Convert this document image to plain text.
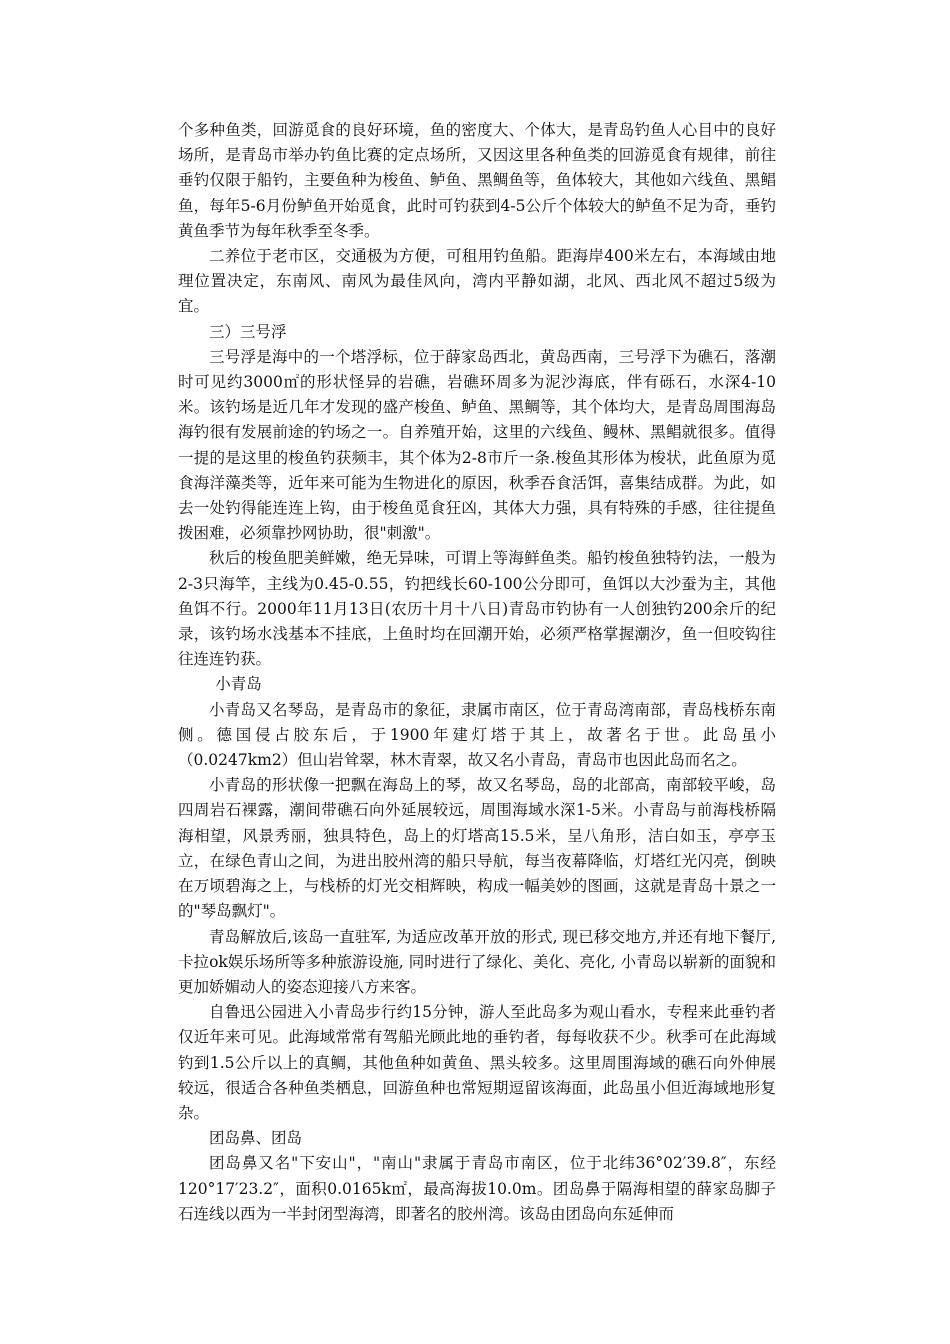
个多种鱼类，回游觅食的良好环境，鱼的密度大、个体大，是青岛钓鱼人心目中的良好场所，是青岛市举办钓鱼比赛的定点场所，又因这里各种鱼类的回游觅食有规律，前往垂钓仅限于船钓，主要鱼种为梭鱼、鲈鱼、黑鲷鱼等，鱼体较大，其他如六线鱼、黑鲳鱼，每年5-6月份鲈鱼开始觅食，此时可钓获到4-5公斤个体较大的鲈鱼不足为奇，垂钓黄鱼季节为每年秋季至冬季。

二养位于老市区，交通极为方便，可租用钓鱼船。距海岸400米左右，本海域由地理位置决定，东南风、南风为最佳风向，湾内平静如湖，北风、西北风不超过5级为宜。

三）三号浮

三号浮是海中的一个塔浮标，位于薛家岛西北，黄岛西南，三号浮下为礁石，落潮时可见约3000㎡的形状怪异的岩礁，岩礁环周多为泥沙海底，伴有砾石，水深4-10米。该钓场是近几年才发现的盛产梭鱼、鲈鱼、黑鲷等，其个体均大，是青岛周围海岛海钓很有发展前途的钓场之一。自养殖开始，这里的六线鱼、鳗林、黑鲳就很多。值得一提的是这里的梭鱼钓获频丰，其个体为2-8市斤一条.梭鱼其形体为梭状，此鱼原为觅食海洋藻类等，近年来可能为生物进化的原因，秋季吞食活饵，喜集结成群。为此，如去一处钓得能连连上钩，由于梭鱼觅食狂凶，其体大力强，具有特殊的手感，往往提鱼拨困难，必须靠抄网协助，很"刺激"。

秋后的梭鱼肥美鲜嫩，绝无异味，可谓上等海鲜鱼类。船钓梭鱼独特钓法，一般为2-3只海竿，主线为0.45-0.55，钓把线长60-100公分即可，鱼饵以大沙蚕为主，其他鱼饵不行。2000年11月13日(农历十月十八日)青岛市钓协有一人创独钓200余斤的纪录，该钓场水浅基本不挂底，上鱼时均在回潮开始，必须严格掌握潮汐，鱼一但咬钩往往连连钓获。

小青岛

小青岛又名琴岛，是青岛市的象征，隶属市南区，位于青岛湾南部，青岛栈桥东南侧。德国侵占胶东后，于1900年建灯塔于其上，故著名于世。此岛虽小（0.0247km2）但山岩耸翠，林木青翠，故又名小青岛，青岛市也因此岛而名之。

小青岛的形状像一把飘在海岛上的琴，故又名琴岛，岛的北部高，南部较平峻，岛四周岩石裸露，潮间带礁石向外延展较远，周围海域水深1-5米。小青岛与前海栈桥隔海相望，风景秀丽，独具特色，岛上的灯塔高15.5米，呈八角形，洁白如玉，亭亭玉立，在绿色青山之间，为进出胶州湾的船只导航，每当夜幕降临，灯塔红光闪亮，倒映在万顷碧海之上，与栈桥的灯光交相辉映，构成一幅美妙的图画，这就是青岛十景之一的"琴岛飘灯"。

青岛解放后,该岛一直驻军, 为适应改革开放的形式, 现已移交地方,并还有地下餐厅,卡拉ok娱乐场所等多种旅游设施, 同时进行了绿化、美化、亮化, 小青岛以崭新的面貌和更加娇媚动人的姿态迎接八方来客。

自鲁迅公园进入小青岛步行约15分钟，游人至此岛多为观山看水，专程来此垂钓者仅近年来可见。此海域常常有驾船光顾此地的垂钓者，每每收获不少。秋季可在此海域钓到1.5公斤以上的真鲷，其他鱼种如黄鱼、黑头较多。这里周围海域的礁石向外伸展较远，很适合各种鱼类栖息，回游鱼种也常短期逗留该海面，此岛虽小但近海域地形复杂。

团岛鼻、团岛

团岛鼻又名"下安山"，"南山"隶属于青岛市南区，位于北纬36°02′39.8″，东经120°17′23.2″，面积0.0165k㎡，最高海拔10.0m。团岛鼻于隔海相望的薛家岛脚子石连线以西为一半封闭型海湾，即著名的胶州湾。该岛由团岛向东延伸而
